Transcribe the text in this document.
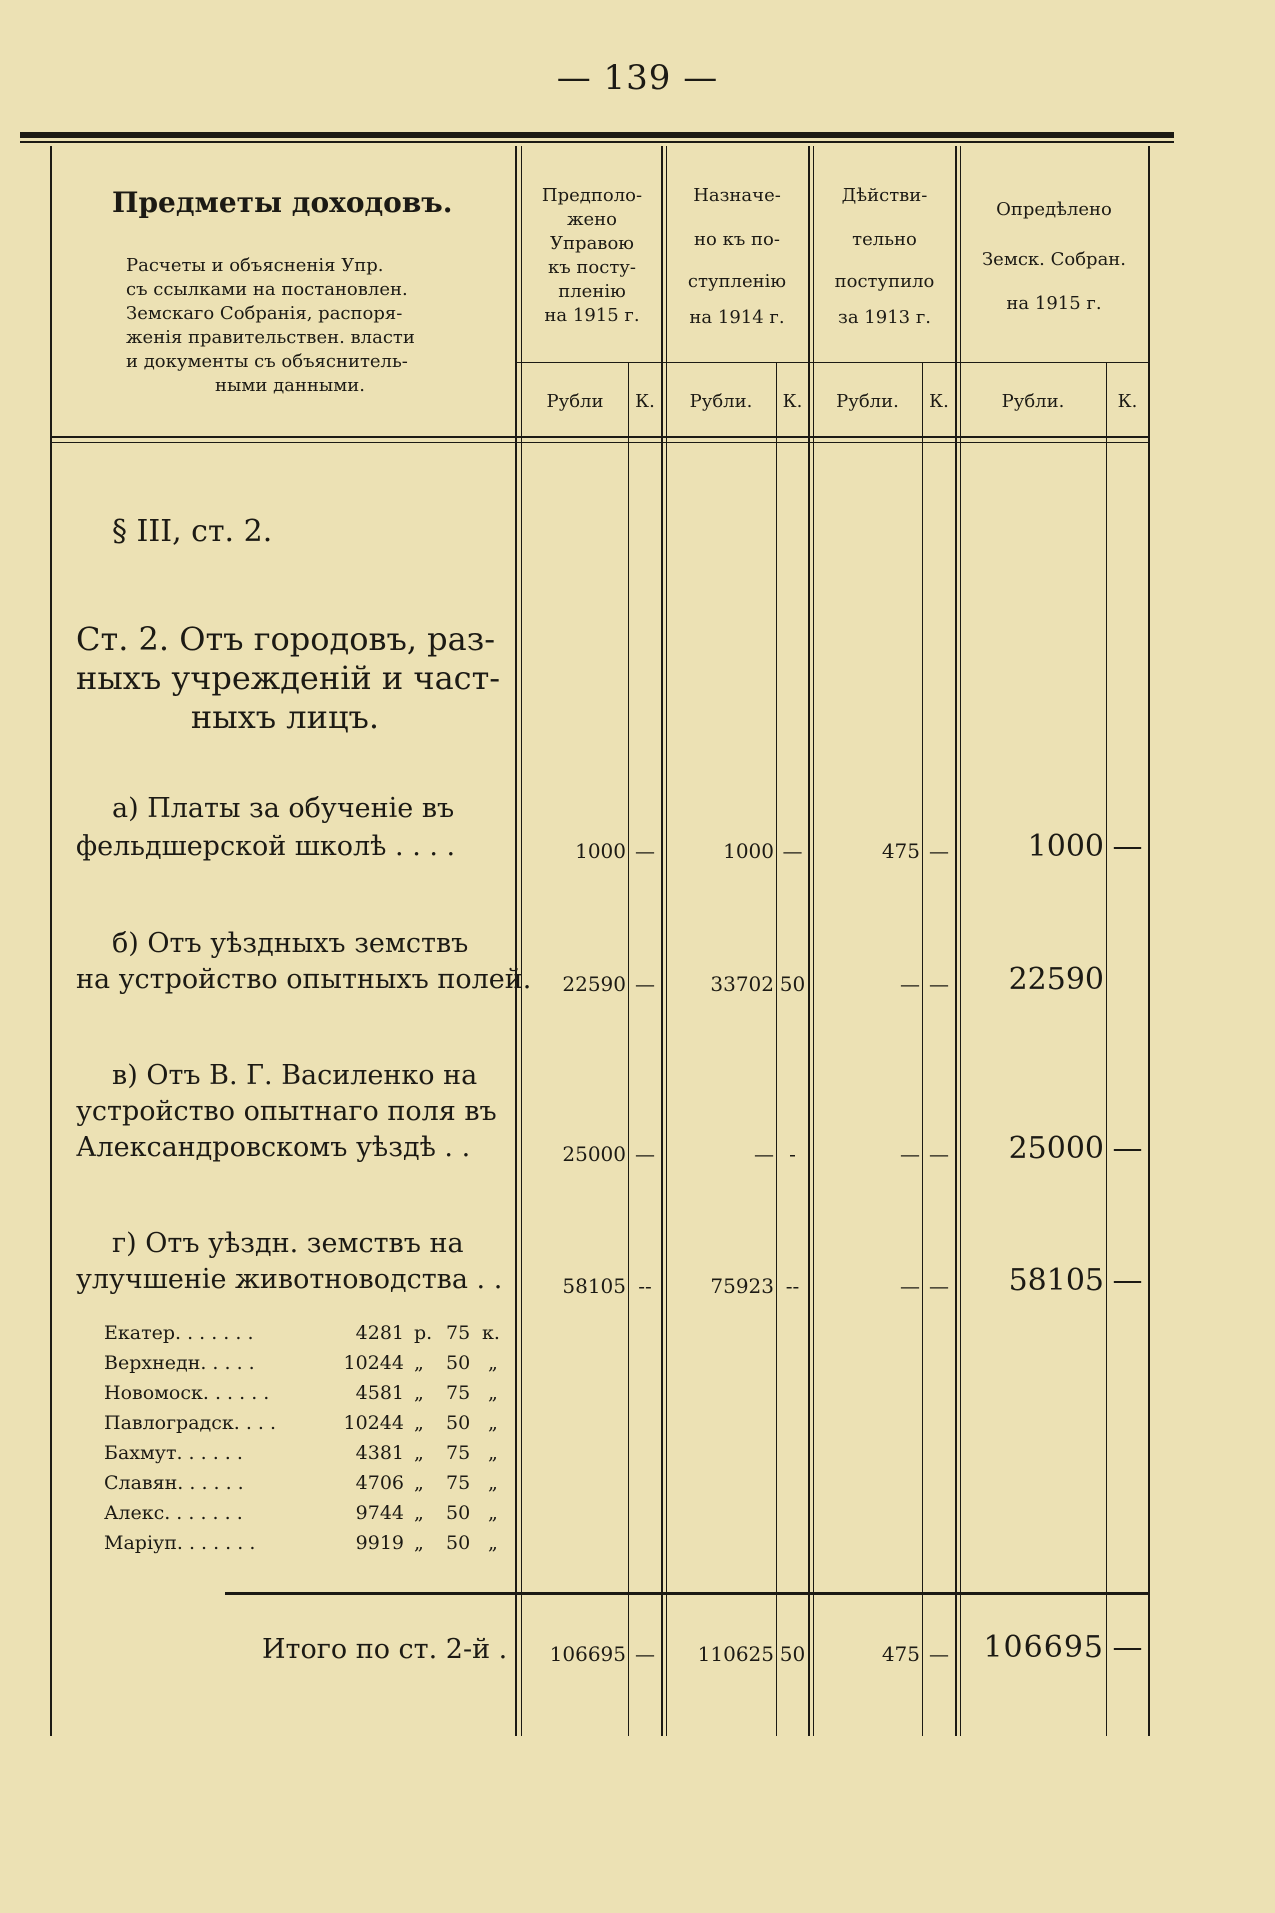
— 139 —
Предметы доходовъ.
Расчеты и объясненія Упр.
съ ссылками на постановлен.
Земскаго Собранія, распоря-
женія правительствен. власти
и документы съ объяснитель-
ными данными.
Предполо-
жено
Управою
къ посту-
пленію
на 1915 г.
Назначе-
но къ по-
ступленію
на 1914 г.
Дѣйстви-
тельно
поступило
за 1913 г.
Опредѣлено
Земск. Собран.
на 1915 г.
Рубли	К.	Рубли.	К.	Рубли.	К.	Рубли.	К.
§ III, ст. 2.
Ст. 2. Отъ городовъ, раз-
ныхъ учрежденій и част-
ныхъ лицъ.
а) Платы за обученіе въ
фельдшерской школѣ . . . .	1000 —	1000 —	475 —	1000 —
б) Отъ уѣздныхъ земствъ
на устройство опытныхъ полей.	22590 —	33702 50	— —	22590
в) Отъ В. Г. Василенко на
устройство опытнаго поля въ
Александровскомъ уѣздѣ . .	25000 —	— -	— —	25000 —
г) Отъ уѣздн. земствъ на
улучшеніе животноводства . .	58105 --	75923 --	— —	58105 —
Екатер. . . . . . .	4281 р. 75 к.
Верхнедн. . . . .	10244 „ 50 „
Новомоск. . . . . .	4581 „ 75 „
Павлоградск. . . .	10244 „ 50 „
Бахмут. . . . . .	4381 „ 75 „
Славян. . . . . .	4706 „ 75 „
Алекс. . . . . . .	9744 „ 50 „
Маріуп. . . . . . .	9919 „ 50 „
Итого по ст. 2-й .	106695 —	110625 50	475 —	106695 —
